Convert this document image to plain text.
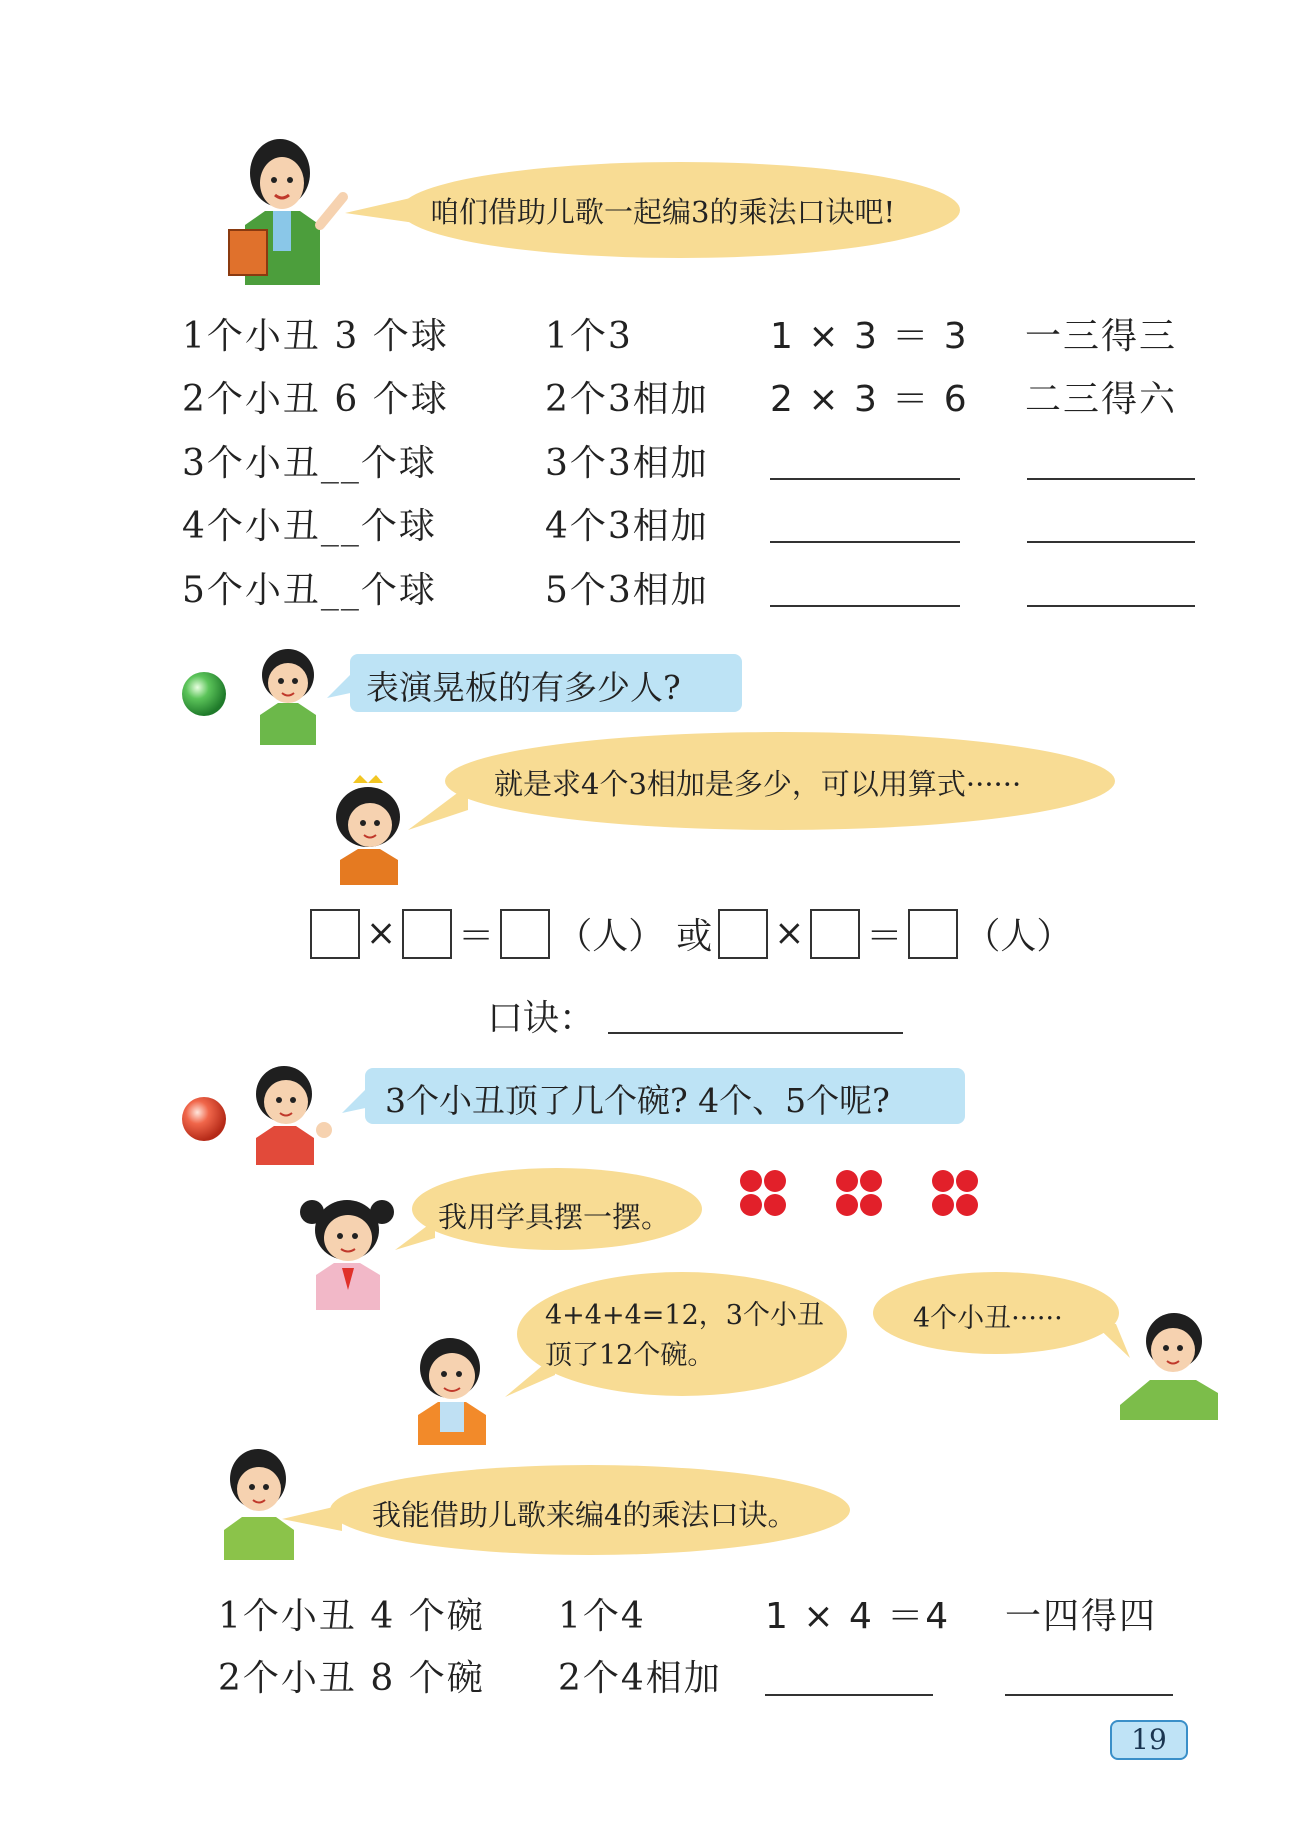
咱们借助儿歌一起编3的乘法口诀吧!
1个小丑 3 个球	1个3	1 × 3 ＝ 3 一三得三
2个小丑 6 个球	2个3相加 2 × 3 ＝ 6 二三得六
3个小丑__个球	3个3相加
4个小丑__个球	4个3相加
5个小丑__个球	5个3相加
表演晃板的有多少人?
就是求4个3相加是多少，可以用算式······
× ＝ （人） 或 × ＝ （人）
口诀：
3个小丑顶了几个碗? 4个、5个呢?
我用学具摆一摆。
4+4+4=12，3个小丑
顶了12个碗。
4个小丑······
我能借助儿歌来编4的乘法口诀。
1个小丑 4 个碗 1个4	1 × 4 ＝4 一四得四
2个小丑 8 个碗 2个4相加
19
